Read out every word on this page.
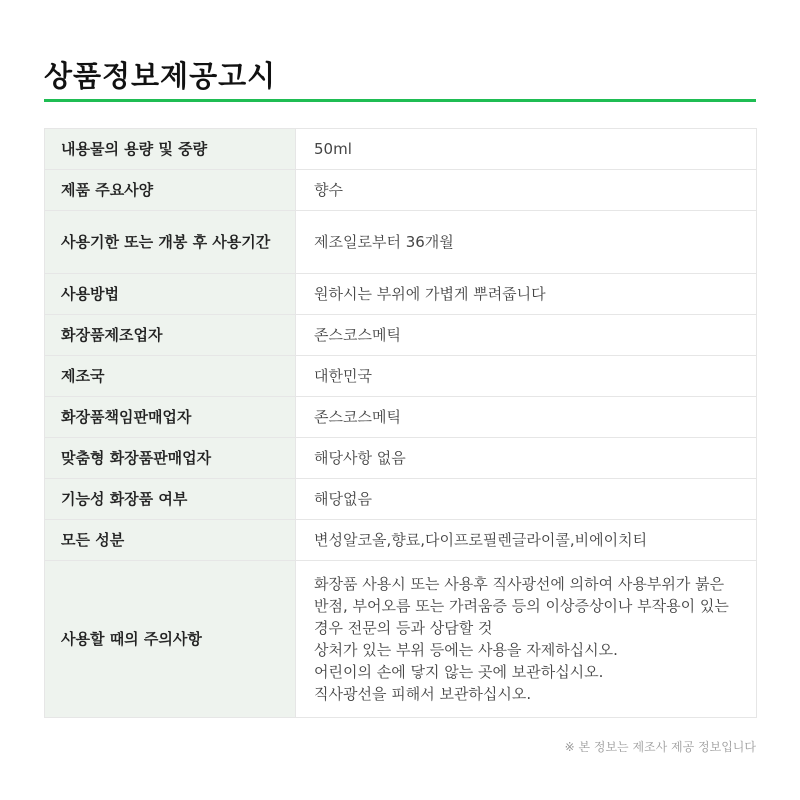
상품정보제공고시
내용물의 용량 및 중량	50ml

제품 주요사양	향수

사용기한 또는 개봉 후 사용기간	제조일로부터 36개월

사용방법	원하시는 부위에 가볍게 뿌려줍니다

화장품제조업자	존스코스메틱

제조국	대한민국

화장품책임판매업자	존스코스메틱

맞춤형 화장품판매업자	해당사항 없음

기능성 화장품 여부	해당없음

모든 성분	변성알코올,향료,다이프로필렌글라이콜,비에이치티

사용할 때의 주의사항	화장품 사용시 또는 사용후 직사광선에 의하여 사용부위가 붉은 반점, 부어오름 또는 가려움증 등의 이상증상이나 부작용이 있는 경우 전문의 등과 상담할 것
상처가 있는 부위 등에는 사용을 자제하십시오.
어린이의 손에 닿지 않는 곳에 보관하십시오.
직사광선을 피해서 보관하십시오.
※ 본 정보는 제조사 제공 정보입니다
